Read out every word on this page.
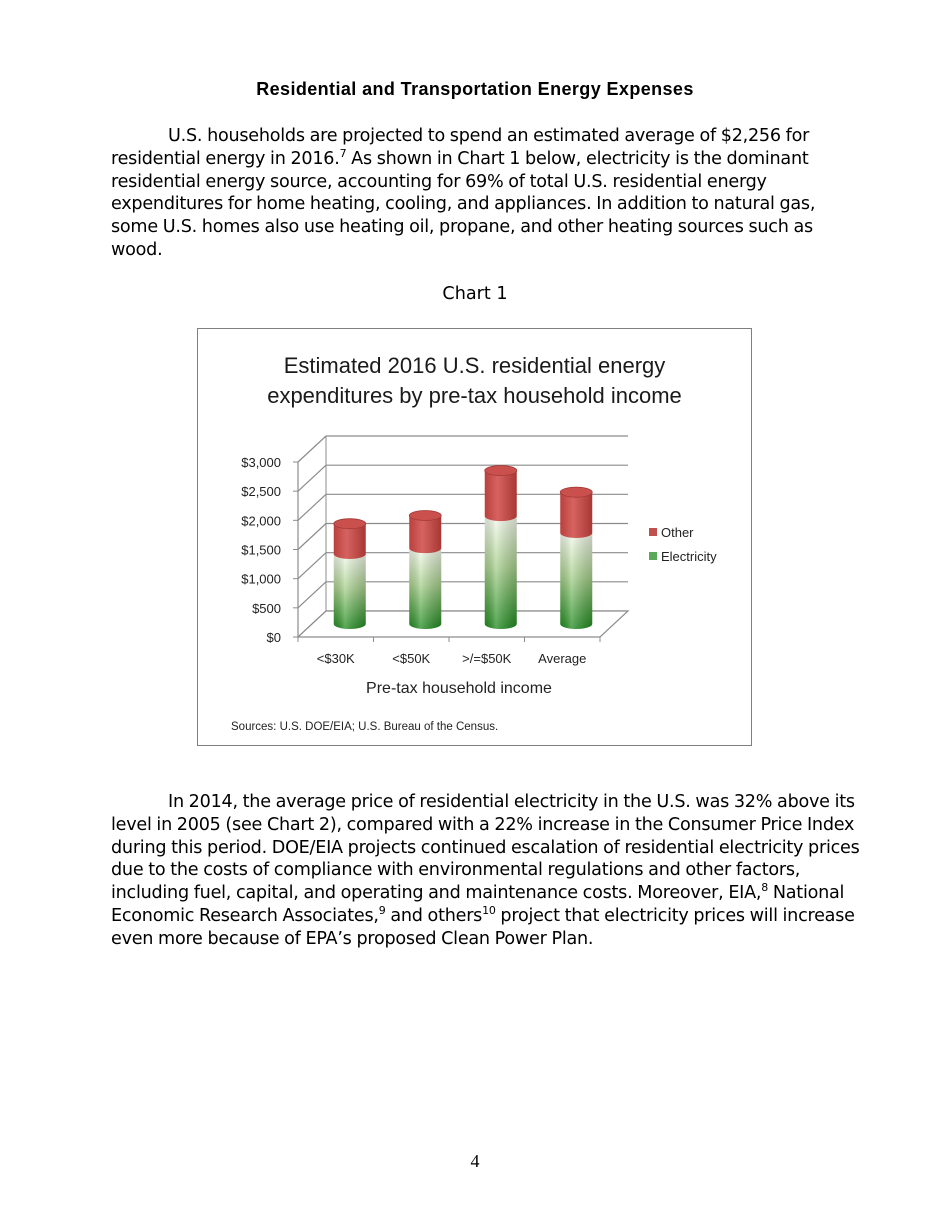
Residential and Transportation Energy Expenses
U.S. households are projected to spend an estimated average of $2,256 for
residential energy in 2016.$^7$ As shown in Chart 1 below, electricity is the dominant
residential energy source, accounting for 69% of total U.S. residential energy
expenditures for home heating, cooling, and appliances. In addition to natural gas,
some U.S. homes also use heating oil, propane, and other heating sources such as
wood.
Chart 1
Estimated 2016 U.S. residential energy
expenditures by pre-tax household income
$0
$500
$1,000
$1,500
$2,000
$2,500
$3,000
<$30K	<$50K >/=$50K Average
Pre-tax household income
Other
Electricity
Sources: U.S. DOE/EIA; U.S. Bureau of the Census.
In 2014, the average price of residential electricity in the U.S. was 32% above its
level in 2005 (see Chart 2), compared with a 22% increase in the Consumer Price Index
during this period. DOE/EIA projects continued escalation of residential electricity prices
due to the costs of compliance with environmental regulations and other factors,
including fuel, capital, and operating and maintenance costs. Moreover, EIA,$^8$ National
Economic Research Associates,$^9$ and others$^{10}$ project that electricity prices will increase
even more because of EPA’s proposed Clean Power Plan.
4
